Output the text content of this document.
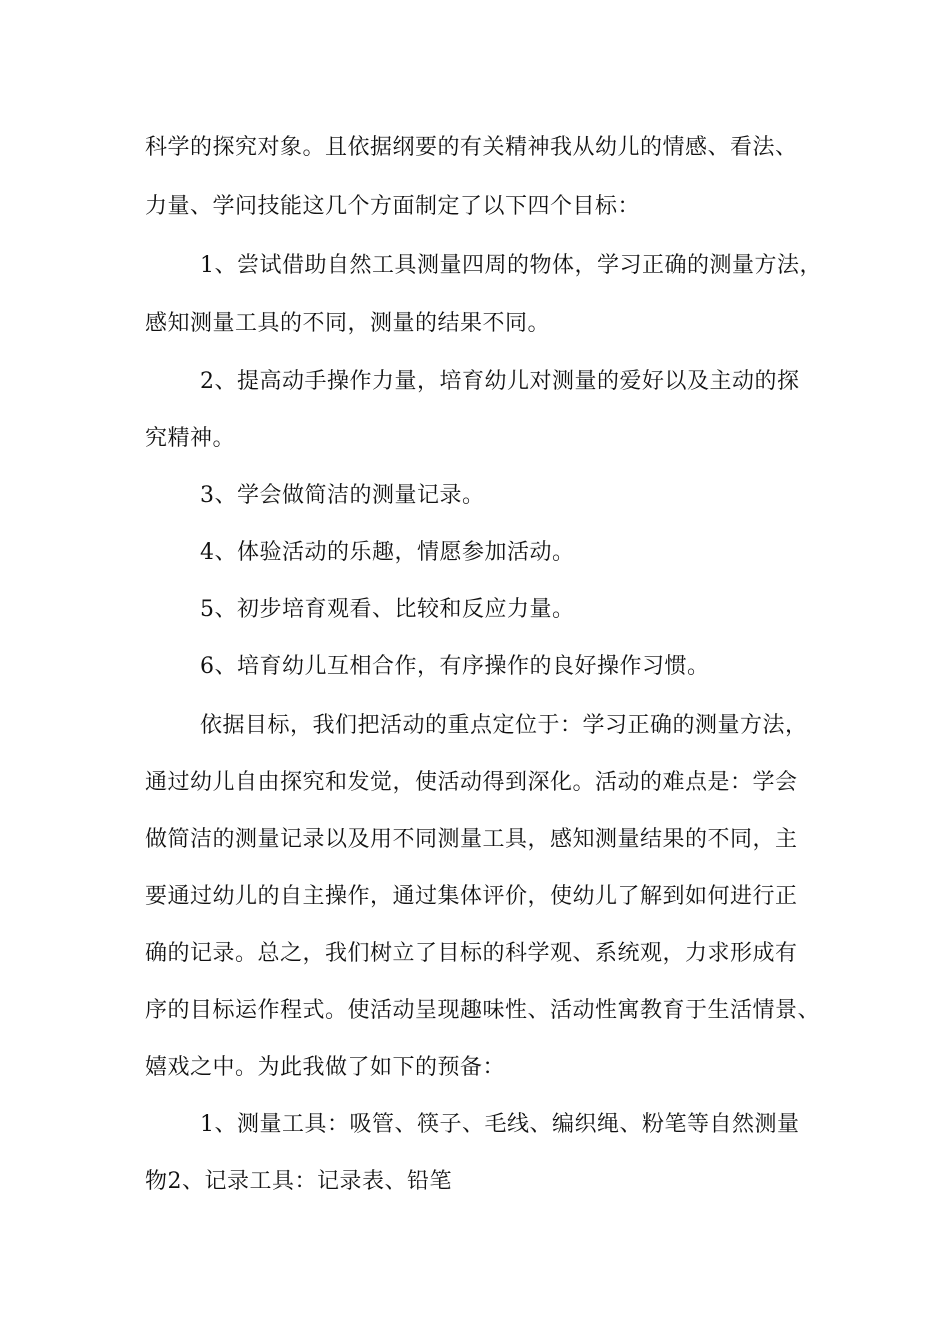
科学的探究对象。且依据纲要的有关精神我从幼儿的情感、看法、
力量、学问技能这几个方面制定了以下四个目标：
1、尝试借助自然工具测量四周的物体，学习正确的测量方法，
感知测量工具的不同，测量的结果不同。
2、提高动手操作力量，培育幼儿对测量的爱好以及主动的探
究精神。
3、学会做简洁的测量记录。
4、体验活动的乐趣，情愿参加活动。
5、初步培育观看、比较和反应力量。
6、培育幼儿互相合作，有序操作的良好操作习惯。
依据目标，我们把活动的重点定位于：学习正确的测量方法，
通过幼儿自由探究和发觉，使活动得到深化。活动的难点是：学会
做简洁的测量记录以及用不同测量工具，感知测量结果的不同，主
要通过幼儿的自主操作，通过集体评价，使幼儿了解到如何进行正
确的记录。总之，我们树立了目标的科学观、系统观，力求形成有
序的目标运作程式。使活动呈现趣味性、活动性寓教育于生活情景、
嬉戏之中。为此我做了如下的预备：
1、测量工具：吸管、筷子、毛线、编织绳、粉笔等自然测量
物2、记录工具：记录表、铅笔
